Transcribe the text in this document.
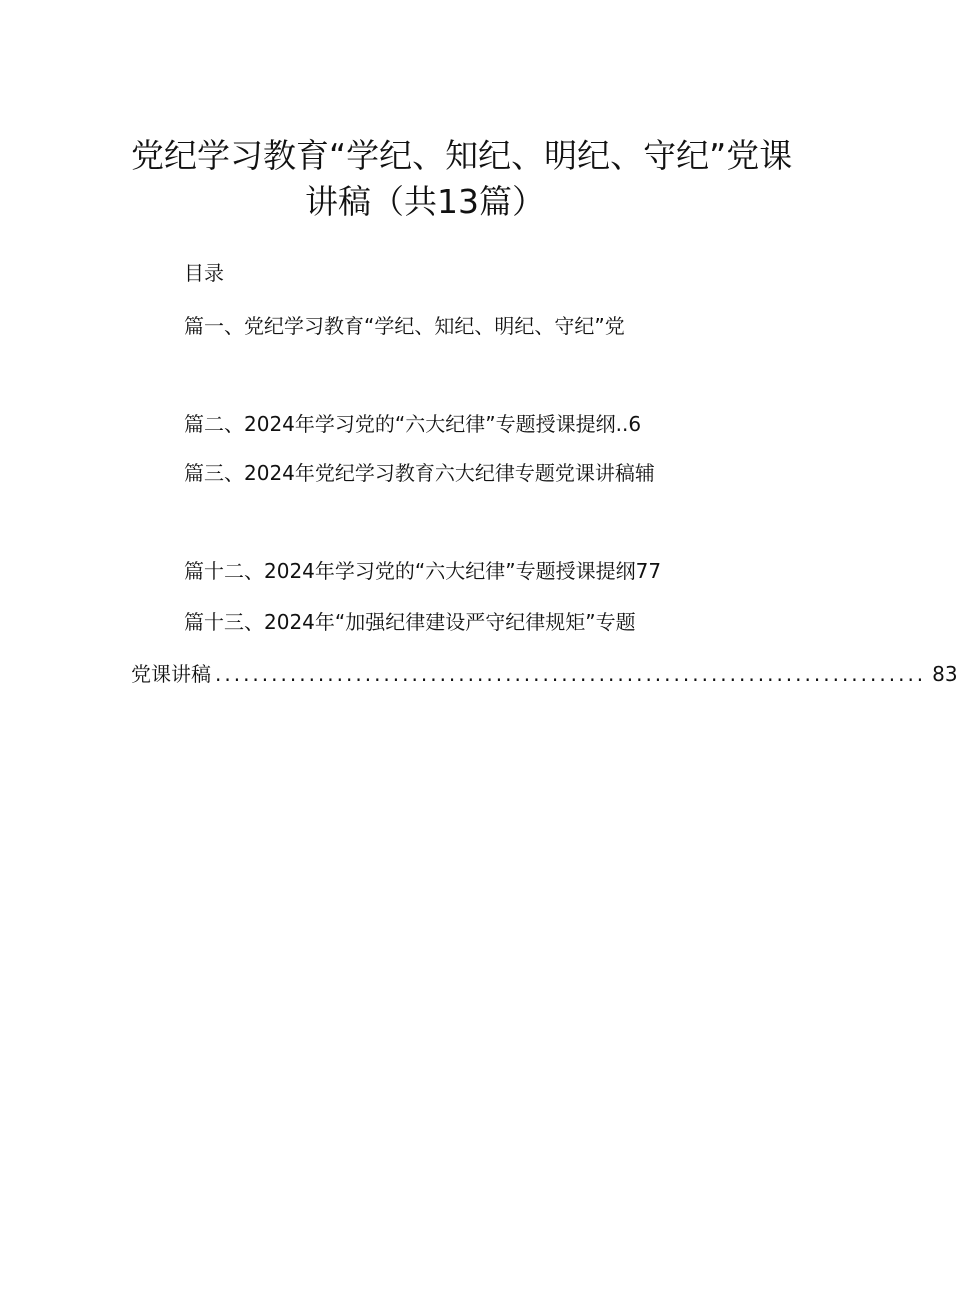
党纪学习教育“学纪、知纪、明纪、守纪”党课
讲稿（共13篇）
目录
篇一、党纪学习教育“学纪、知纪、明纪、守纪”党
篇二、2024年学习党的“六大纪律”专题授课提纲..6
篇三、2024年党纪学习教育六大纪律专题党课讲稿辅
篇十二、2024年学习党的“六大纪律”专题授课提纲77
篇十三、2024年“加强纪律建设严守纪律规矩”专题
党课讲稿 ............................................................................ 83
